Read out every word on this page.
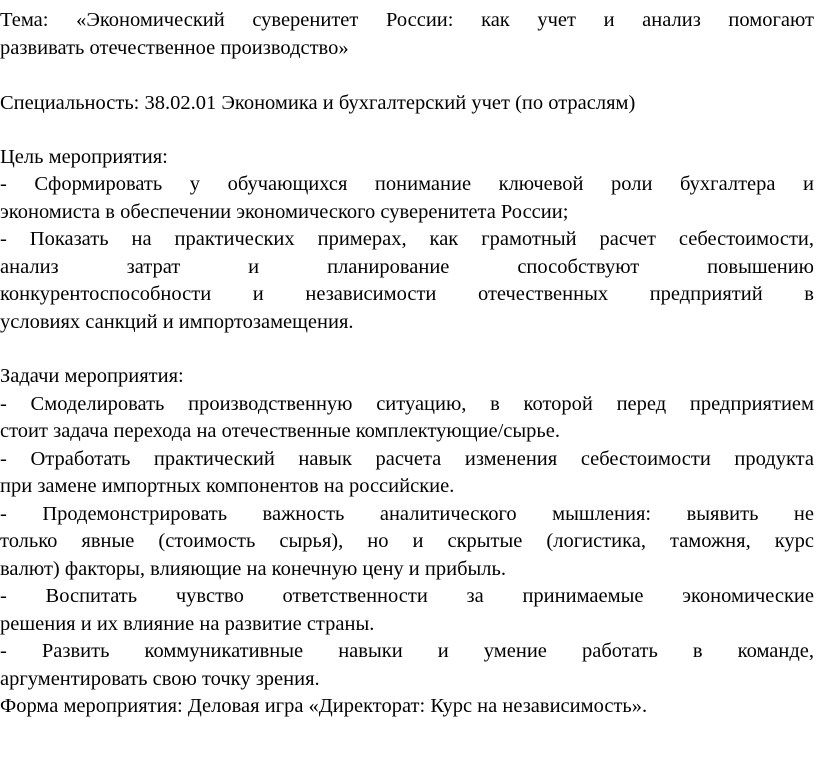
Тема: «Экономический суверенитет России: как учет и анализ помогают
развивать отечественное производство»
Специальность: 38.02.01 Экономика и бухгалтерский учет (по отраслям)
Цель мероприятия:
- Сформировать у обучающихся понимание ключевой роли бухгалтера и
экономиста в обеспечении экономического суверенитета России;
- Показать на практических примерах, как грамотный расчет себестоимости,
анализ затрат и планирование способствуют повышению
конкурентоспособности и независимости отечественных предприятий в
условиях санкций и импортозамещения.
Задачи мероприятия:
- Смоделировать производственную ситуацию, в которой перед предприятием
стоит задача перехода на отечественные комплектующие/сырье.
- Отработать практический навык расчета изменения себестоимости продукта
при замене импортных компонентов на российские.
- Продемонстрировать важность аналитического мышления: выявить не
только явные (стоимость сырья), но и скрытые (логистика, таможня, курс
валют) факторы, влияющие на конечную цену и прибыль.
- Воспитать чувство ответственности за принимаемые экономические
решения и их влияние на развитие страны.
- Развить коммуникативные навыки и умение работать в команде,
аргументировать свою точку зрения.
Форма мероприятия: Деловая игра «Директорат: Курс на независимость».
